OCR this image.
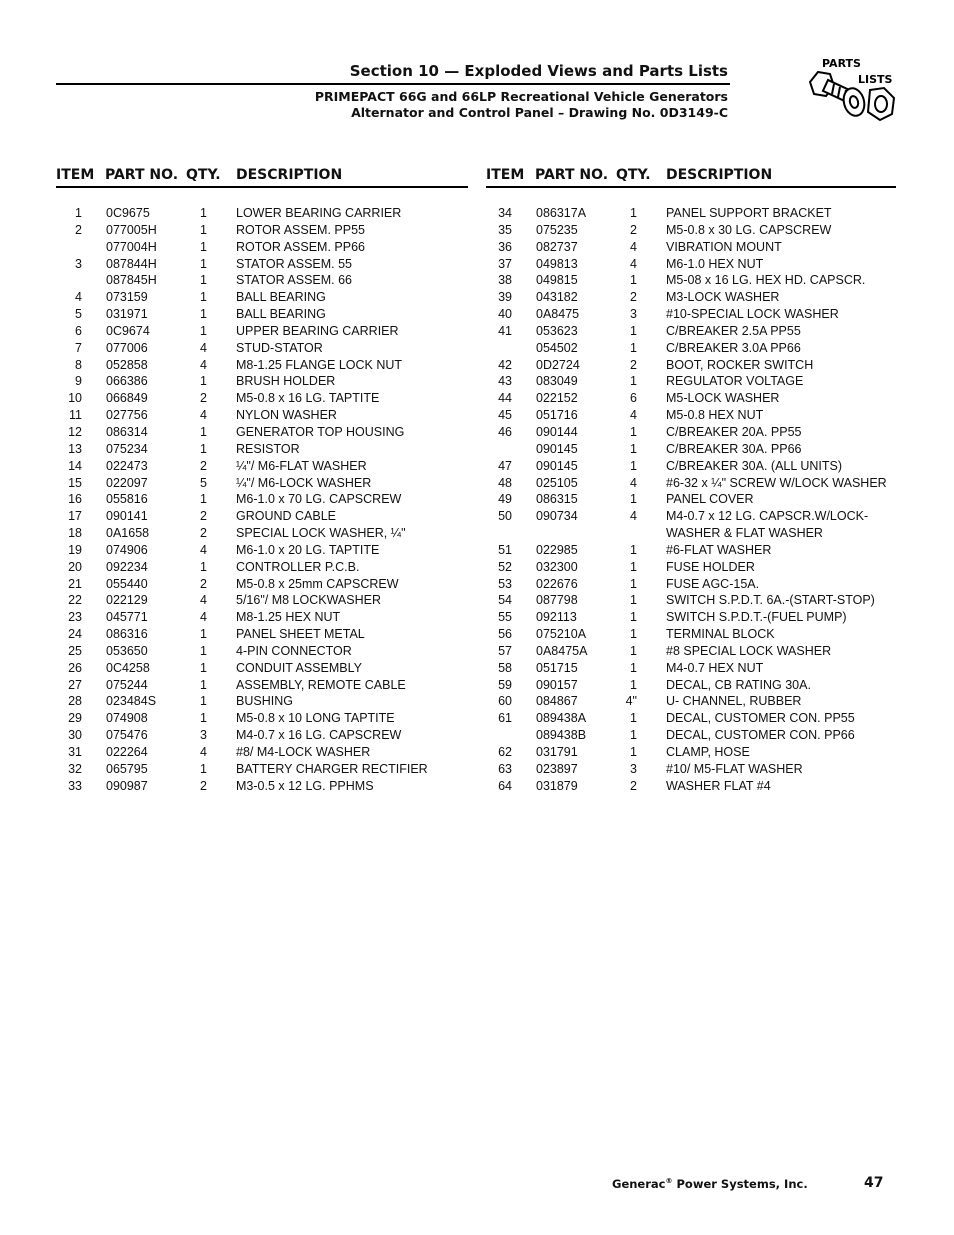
Section 10 — Exploded Views and Parts Lists
PRIMEPACT 66G and 66LP Recreational Vehicle Generators
Alternator and Control Panel – Drawing No. 0D3149-C
PARTS
LISTS
ITEM PART NO. QTY. DESCRIPTION
1 0C9675	1 LOWER BEARING CARRIER
2 077005H	1 ROTOR ASSEM. PP55
077004H	1 ROTOR ASSEM. PP66
3 087844H	1 STATOR ASSEM. 55
087845H	1 STATOR ASSEM. 66
4 073159	1 BALL BEARING
5 031971	1 BALL BEARING
6 0C9674	1 UPPER BEARING CARRIER
7 077006	4 STUD-STATOR
8 052858	4 M8-1.25 FLANGE LOCK NUT
9 066386	1 BRUSH HOLDER
10 066849	2 M5-0.8 x 16 LG. TAPTITE
11 027756	4 NYLON WASHER
12 086314	1 GENERATOR TOP HOUSING
13 075234	1 RESISTOR
14 022473	2 ¼"/ M6-FLAT WASHER
15 022097	5 ¼"/ M6-LOCK WASHER
16 055816	1 M6-1.0 x 70 LG. CAPSCREW
17 090141	2 GROUND CABLE
18 0A1658	2 SPECIAL LOCK WASHER, ¼"
19 074906	4 M6-1.0 x 20 LG. TAPTITE
20 092234	1 CONTROLLER P.C.B.
21 055440	2 M5-0.8 x 25mm CAPSCREW
22 022129	4 5/16"/ M8 LOCKWASHER
23 045771	4 M8-1.25 HEX NUT
24 086316	1 PANEL SHEET METAL
25 053650	1 4-PIN CONNECTOR
26 0C4258	1 CONDUIT ASSEMBLY
27 075244	1 ASSEMBLY, REMOTE CABLE
28 023484S	1 BUSHING
29 074908	1 M5-0.8 x 10 LONG TAPTITE
30 075476	3 M4-0.7 x 16 LG. CAPSCREW
31 022264	4 #8/ M4-LOCK WASHER
32 065795	1 BATTERY CHARGER RECTIFIER
33 090987	2 M3-0.5 x 12 LG. PPHMS
ITEM PART NO. QTY. DESCRIPTION
34 086317A	1 PANEL SUPPORT BRACKET
35 075235	2 M5-0.8 x 30 LG. CAPSCREW
36 082737	4 VIBRATION MOUNT
37 049813	4 M6-1.0 HEX NUT
38 049815	1 M5-08 x 16 LG. HEX HD. CAPSCR.
39 043182	2 M3-LOCK WASHER
40 0A8475	3 #10-SPECIAL LOCK WASHER
41 053623	1 C/BREAKER 2.5A PP55
054502	1 C/BREAKER 3.0A PP66
42 0D2724	2 BOOT, ROCKER SWITCH
43 083049	1 REGULATOR VOLTAGE
44 022152	6 M5-LOCK WASHER
45 051716	4 M5-0.8 HEX NUT
46 090144	1 C/BREAKER 20A. PP55
090145	1 C/BREAKER 30A. PP66
47 090145	1 C/BREAKER 30A. (ALL UNITS)
48 025105	4 #6-32 x ¼" SCREW W/LOCK WASHER
49 086315	1 PANEL COVER
50 090734	4 M4-0.7 x 12 LG. CAPSCR.W/LOCK-
WASHER & FLAT WASHER
51 022985	1 #6-FLAT WASHER
52 032300	1 FUSE HOLDER
53 022676	1 FUSE AGC-15A.
54 087798	1 SWITCH S.P.D.T. 6A.-(START-STOP)
55 092113	1 SWITCH S.P.D.T.-(FUEL PUMP)
56 075210A	1 TERMINAL BLOCK
57 0A8475A	1 #8 SPECIAL LOCK WASHER
58 051715	1 M4-0.7 HEX NUT
59 090157	1 DECAL, CB RATING 30A.
60 084867	4" U- CHANNEL, RUBBER
61 089438A	1 DECAL, CUSTOMER CON. PP55
089438B	1 DECAL, CUSTOMER CON. PP66
62 031791	1 CLAMP, HOSE
63 023897	3 #10/ M5-FLAT WASHER
64 031879	2 WASHER FLAT #4
Generac® Power Systems, Inc.	47
